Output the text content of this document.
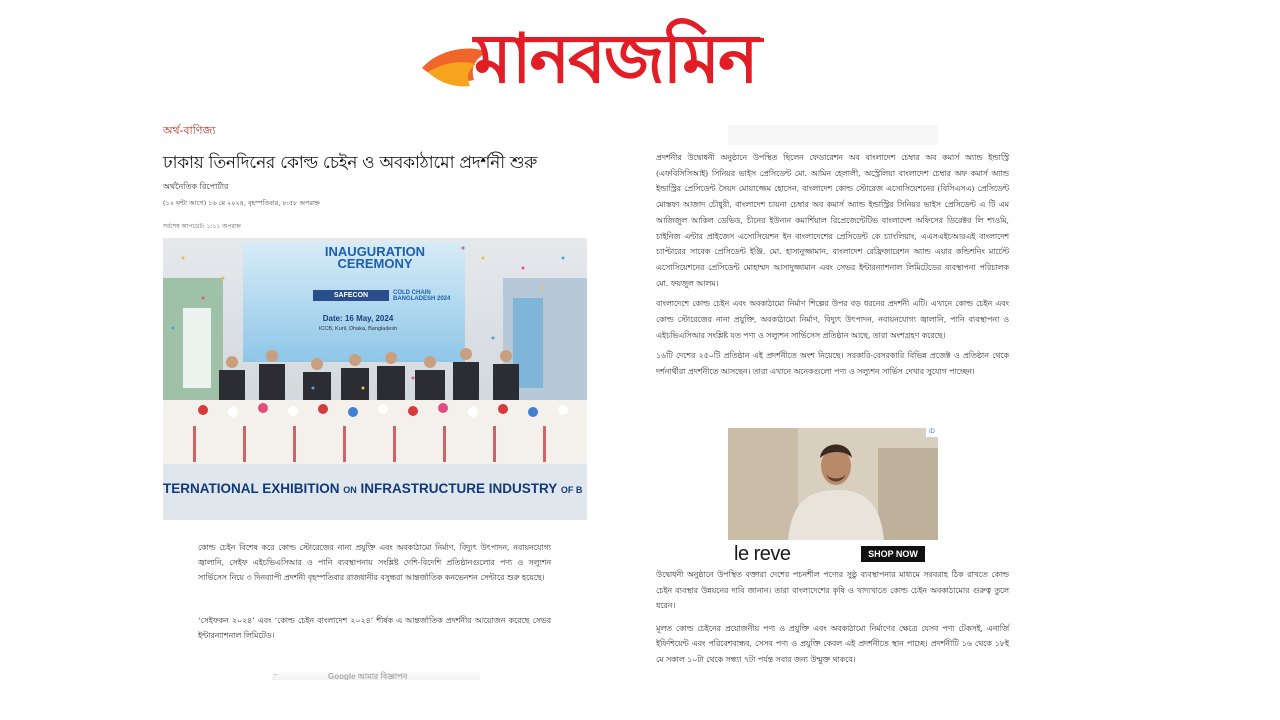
মানবজমিন
অর্থ-বাণিজ্য
ঢাকায় তিনদিনের কোল্ড চেইন ও অবকাঠামো প্রদর্শনী শুরু
অর্থনৈতিক রিপোর্টার
(১২ ঘন্টা আগে) ১৬ মে ২০২৪, বৃহস্পতিবার, ৮:৫৮ অপরাহ্ন
সর্বশেষ আপডেট: ১:১১ অপরাহ্ন
INAUGURATION
CEREMONY
SAFECON	COLD CHAIN BANGLADESH 2024
Date: 16 May, 2024
ICCB, Kuril, Dhaka, Bangladesh
TERNATIONAL EXHIBITION ON INFRASTRUCTURE INDUSTRY OF B

কোল্ড চেইন বিশেষ করে কোল্ড স্টোরেজের নানা প্রযুক্তি এবং অবকাঠামো নির্মাণ, বিদ্যুৎ উৎপাদন, নবায়নযোগ্য জ্বালানি, সেইফ এইচভিএসিআর ও পানি ব্যবস্থাপনায় সংশ্লিষ্ট দেশি-বিদেশি প্রতিষ্ঠানগুলোর পণ্য ও সল্যুশন সার্ভিসেস নিয়ে ৩ দিনব্যাপী প্রদর্শনী বৃহস্পতিবার রাজধানীর বসুন্ধরা আন্তর্জাতিক কনভেনশন সেন্টারে শুরু হয়েছে।

‘সেইফকন ২০২৪’ এবং ‘কোল্ড চেইন বাংলাদেশ ২০২৪’ শীর্ষক এ আন্তর্জাতিক প্রদর্শনীর আয়োজন করেছে সেভর ইন্টারন্যাশনাল লিমিটেড।

←	Google আমার বিজ্ঞাপন

প্রদর্শনীর উদ্বোধনী অনুষ্ঠানে উপস্থিত ছিলেন ফেডারেশন অব বাংলাদেশ চেম্বার অব কমার্স অ্যান্ড ইন্ডাস্ট্রি (এফবিসিসিআই) সিনিয়র ভাইস প্রেসিডেন্ট মো. আমিন হেলালী, অস্ট্রেলিয়া বাংলাদেশ চেম্বার অফ কমার্স অ্যান্ড ইন্ডাস্ট্রির প্রেসিডেন্ট সৈয়দ মোয়াজ্জেম হোসেন, বাংলাদেশ কোল্ড স্টোরেজ এসোসিয়েশনের (বিসিএসএ) প্রেসিডেন্ট মোস্তফা আজাদ চৌধুরী, বাংলাদেশ চায়না চেম্বার অব কমার্স অ্যান্ড ইন্ডাস্ট্রির সিনিয়র ভাইস প্রেসিডেন্ট এ টি এম আজিজুল আকিল ডেভিড, চীনের ইউনান কমার্শিয়াল রিপ্রেজেন্টেটিভ বাংলাদেশ অফিসের ডিরেক্টর লি শাওমি, চাইনিজ এন্টার প্রাইজেস এসোসিয়েশন ইন বাংলাদেশের প্রেসিডেন্ট কে চ্যাংলিয়াং, এএসএইচআরএই বাংলাদেশ চ্যাপ্টারের সাবেক প্রেসিডেন্ট ইঞ্জি. মো. হাসানুজ্জামান, বাংলাদেশ রেফ্রিজারেশন অ্যান্ড এয়ার কন্ডিশনিং মার্চেন্ট এসোসিয়েশনের প্রেসিডেন্ট মোহাম্মদ আসাদুজ্জামান এবং সেভর ইন্টারন্যাশনাল লিমিটেডের ব্যবস্থাপনা পরিচালক মো. ফয়জুল আলম।

বাংলাদেশে কোল্ড চেইন এবং অবকাঠামো নির্মাণ শিল্পের উপর বড় ধরনের প্রদর্শনী এটি। এখানে কোল্ড চেইন এবং কোল্ড স্টোরেজের নানা প্রযুক্তি, অবকাঠামো নির্মাণ, বিদ্যুৎ উৎপাদন, নবায়নযোগ্য জ্বালানি, পানি ব্যবস্থাপনা ও এইচভিএসিআর সংশ্লিষ্ট যত পণ্য ও সল্যুশন সার্ভিসেস প্রতিষ্ঠান আছে, তারা অংশগ্রহণ করেছে।

১৬টি দেশের ২৫০টি প্রতিষ্ঠান এই প্রদর্শনীতে অংশ নিয়েছে। সরকারি-বেসরকারি বিভিন্ন প্রজেক্ট ও প্রতিষ্ঠান থেকে দর্শনার্থীরা প্রদর্শনীতে আসছেন। তারা এখানে অনেকগুলো পণ্য ও সল্যুশন সার্ভিস দেখার সুযোগ পাচ্ছেন।

le reve	SHOP NOW
iD

উদ্বোধনী অনুষ্ঠানে উপস্থিত বক্তারা দেশের পচনশীল পণ্যের সুষ্ঠু ব্যবস্থাপনার মাধ্যমে সরবরাহ ঠিক রাখতে কোল্ড চেইন ব্যবস্থার উন্নয়নের দাবি জানান। তারা বাংলাদেশের কৃষি ও খাদ্যখাতে কোল্ড চেইন অবকাঠামোর গুরুত্ব তুলে ধরেন।

মূলত কোল্ড চেইনের প্রয়োজনীয় পণ্য ও প্রযুক্তি এবং অবকাঠামো নির্মাণের ক্ষেত্রে যেসব পণ্য টেকসই, এনার্জি ইফিশিয়েন্ট এবং পরিবেশবান্ধব, সেসব পণ্য ও প্রযুক্তি কেবল এই প্রদর্শনীতে স্থান পাচ্ছে। প্রদর্শনীটি ১৬ থেকে ১৮ই মে সকাল ১০টা থেকে সন্ধ্যা ৭টা পর্যন্ত সবার জন্য উন্মুক্ত থাকবে।
